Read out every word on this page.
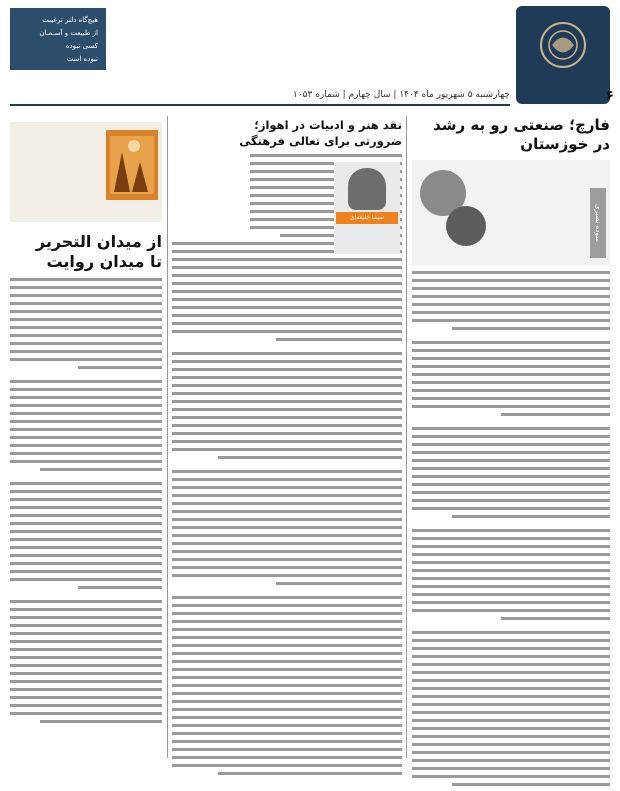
۶
چهارشنبه ۵ شهریور ماه ۱۴۰۴ | سال چهارم | شماره ۱۰۵۳
هیچ‌گاه دلتر ترغیبت
از طبیعت و آسـمـان
کسی نبوده
نبوده است
فارچ؛ صنعتی رو به رشد
در خوزستان
سوده نصیری
نقد هنر و ادبیات در اهواز؛
ضرورتی برای تعالی فرهنگی
سیما خلیفه‌ای
از میدان التحریر
تا میدان روایت
